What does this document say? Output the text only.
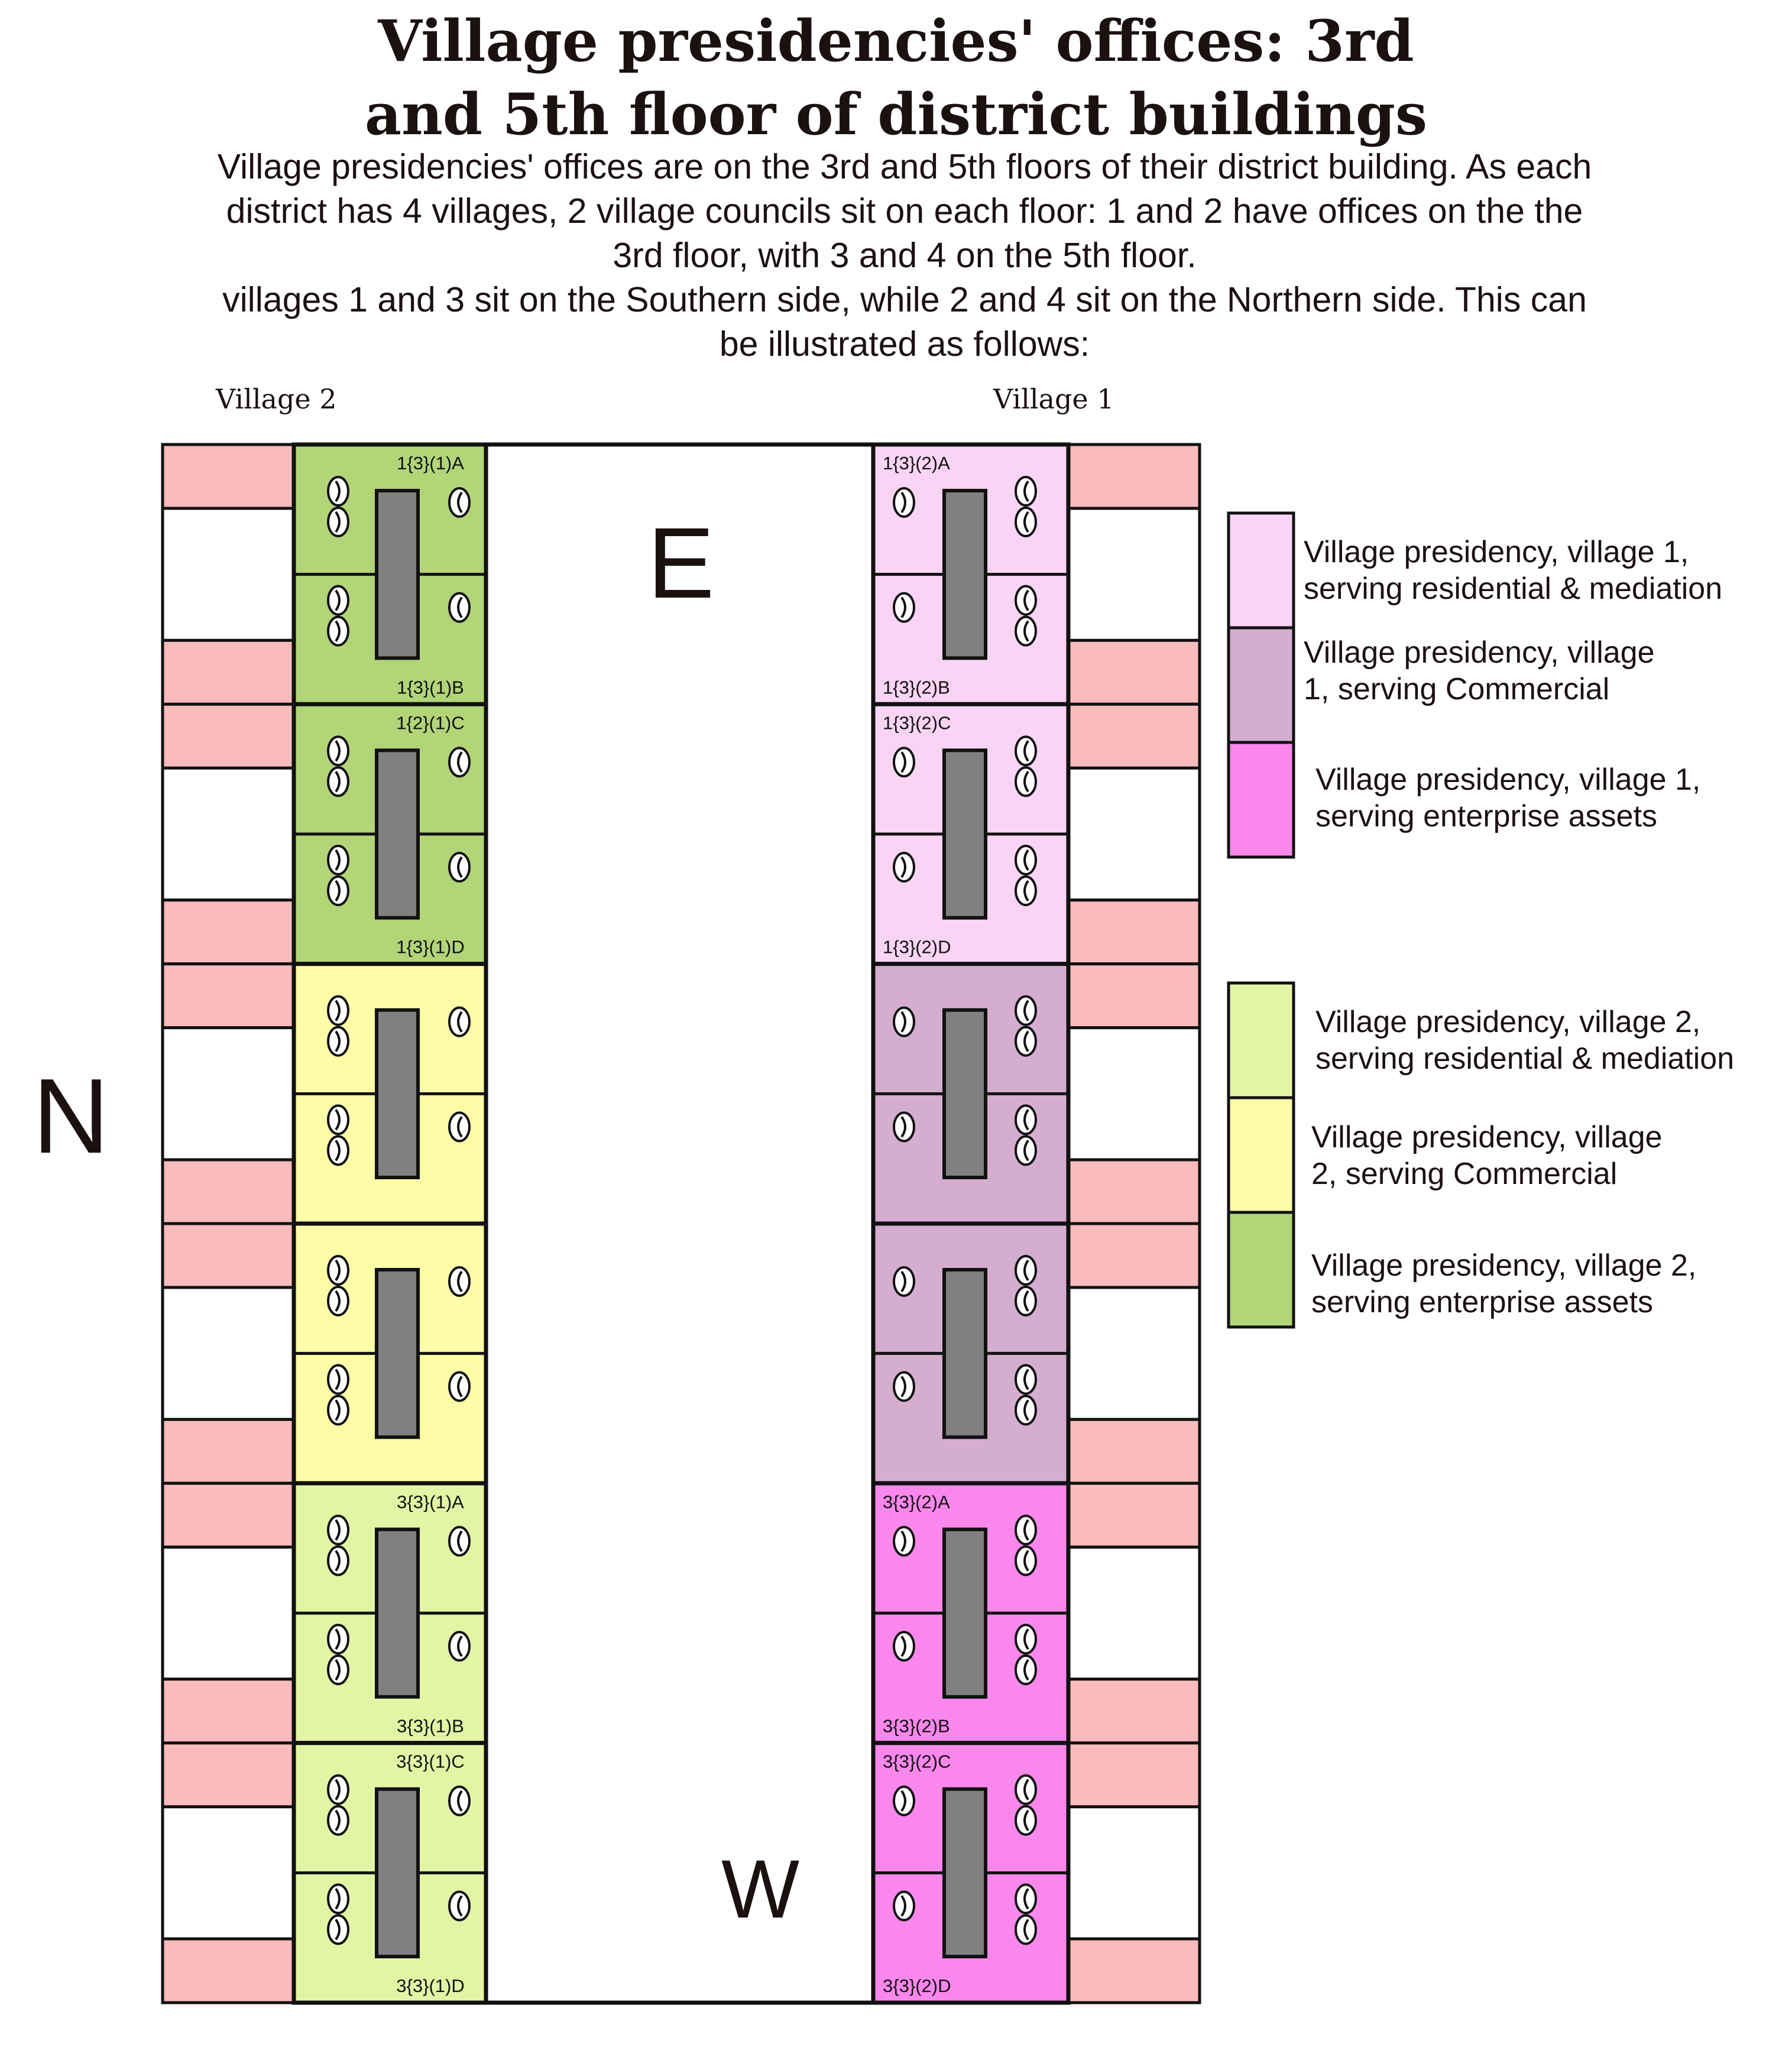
Village presidencies' offices: 3rd
and 5th floor of district buildings
Village presidencies' offices are on the 3rd and 5th floors of their district building. As each
district has 4 villages, 2 village councils sit on each floor: 1 and 2 have offices on the the
3rd floor, with 3 and 4 on the 5th floor.
villages 1 and 3 sit on the Southern side, while 2 and 4 sit on the Northern side. This can
be illustrated as follows:
Village 2	Village 1
1{3}(1)A
1{3}(1)B
1{2}(1)C
1{3}(1)D
3{3}(1)A
3{3}(1)B
3{3}(1)C
3{3}(1)D
1{3}(2)A
1{3}(2)B
1{3}(2)C
1{3}(2)D
3{3}(2)A
3{3}(2)B
3{3}(2)C
3{3}(2)D
N
E
W
Village presidency, village 1,
serving residential & mediation
Village presidency, village
1, serving Commercial
Village presidency, village 1,
serving enterprise assets
Village presidency, village 2,
serving residential & mediation
Village presidency, village
2, serving Commercial
Village presidency, village 2,
serving enterprise assets
